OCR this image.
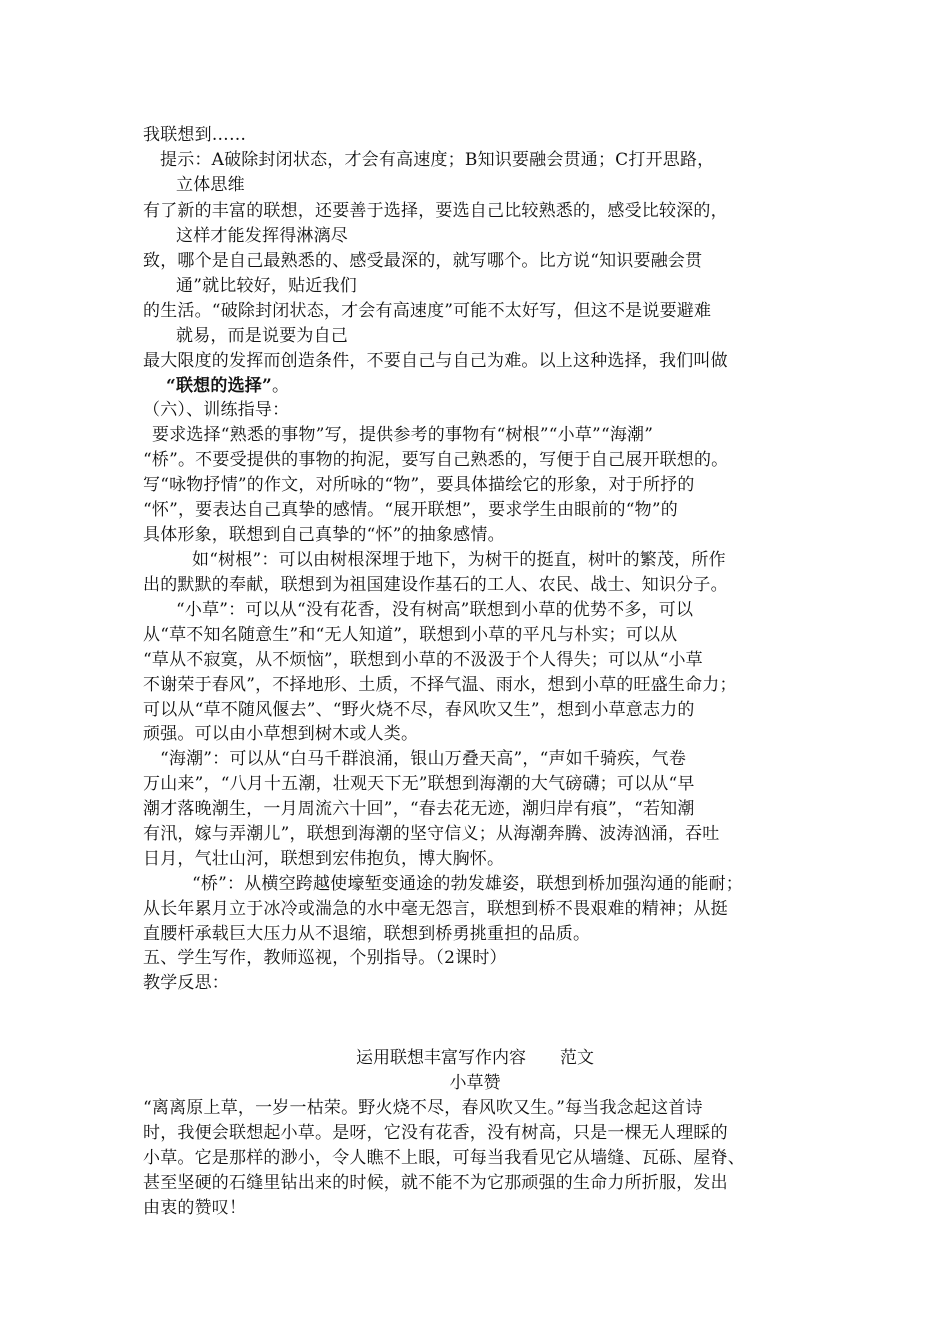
我联想到……
提示：A破除封闭状态，才会有高速度；B知识要融会贯通；C打开思路，
立体思维
有了新的丰富的联想，还要善于选择，要选自己比较熟悉的，感受比较深的，
这样才能发挥得淋漓尽
致，哪个是自己最熟悉的、感受最深的，就写哪个。比方说“知识要融会贯
通”就比较好，贴近我们
的生活。“破除封闭状态，才会有高速度”可能不太好写，但这不是说要避难
就易，而是说要为自己
最大限度的发挥而创造条件，不要自己与自己为难。以上这种选择，我们叫做
“联想的选择”。
（六）、训练指导：
要求选择“熟悉的事物”写，提供参考的事物有“树根”“小草”“海潮”
“桥”。不要受提供的事物的拘泥，要写自己熟悉的，写便于自己展开联想的。
写“咏物抒情”的作文，对所咏的“物”，要具体描绘它的形象，对于所抒的
“怀”，要表达自己真挚的感情。“展开联想”，要求学生由眼前的“物”的
具体形象，联想到自己真挚的“怀”的抽象感情。
如“树根”：可以由树根深埋于地下，为树干的挺直，树叶的繁茂，所作
出的默默的奉献，联想到为祖国建设作基石的工人、农民、战士、知识分子。
“小草”：可以从“没有花香，没有树高”联想到小草的优势不多，可以
从“草不知名随意生”和“无人知道”，联想到小草的平凡与朴实；可以从
“草从不寂寞，从不烦恼”，联想到小草的不汲汲于个人得失；可以从“小草
不谢荣于春风”，不择地形、土质，不择气温、雨水，想到小草的旺盛生命力；
可以从“草不随风偃去”、“野火烧不尽，春风吹又生”，想到小草意志力的
顽强。可以由小草想到树木或人类。
“海潮”：可以从“白马千群浪涌，银山万叠天高”，“声如千骑疾，气卷
万山来”，“八月十五潮，壮观天下无”联想到海潮的大气磅礴；可以从“早
潮才落晚潮生，一月周流六十回”，“春去花无迹，潮归岸有痕”，“若知潮
有汛，嫁与弄潮儿”，联想到海潮的坚守信义；从海潮奔腾、波涛汹涌，吞吐
日月，气壮山河，联想到宏伟抱负，博大胸怀。
“桥”：从横空跨越使壕堑变通途的勃发雄姿，联想到桥加强沟通的能耐；
从长年累月立于冰冷或湍急的水中毫无怨言，联想到桥不畏艰难的精神；从挺
直腰杆承载巨大压力从不退缩，联想到桥勇挑重担的品质。
五、学生写作，教师巡视，个别指导。（2课时）
教学反思：
运用联想丰富写作内容　　范文
小草赞
“离离原上草，一岁一枯荣。野火烧不尽，春风吹又生。”每当我念起这首诗
时，我便会联想起小草。是呀，它没有花香，没有树高，只是一棵无人理睬的
小草。它是那样的渺小，令人瞧不上眼，可每当我看见它从墙缝、瓦砾、屋脊、
甚至坚硬的石缝里钻出来的时候，就不能不为它那顽强的生命力所折服，发出
由衷的赞叹！
